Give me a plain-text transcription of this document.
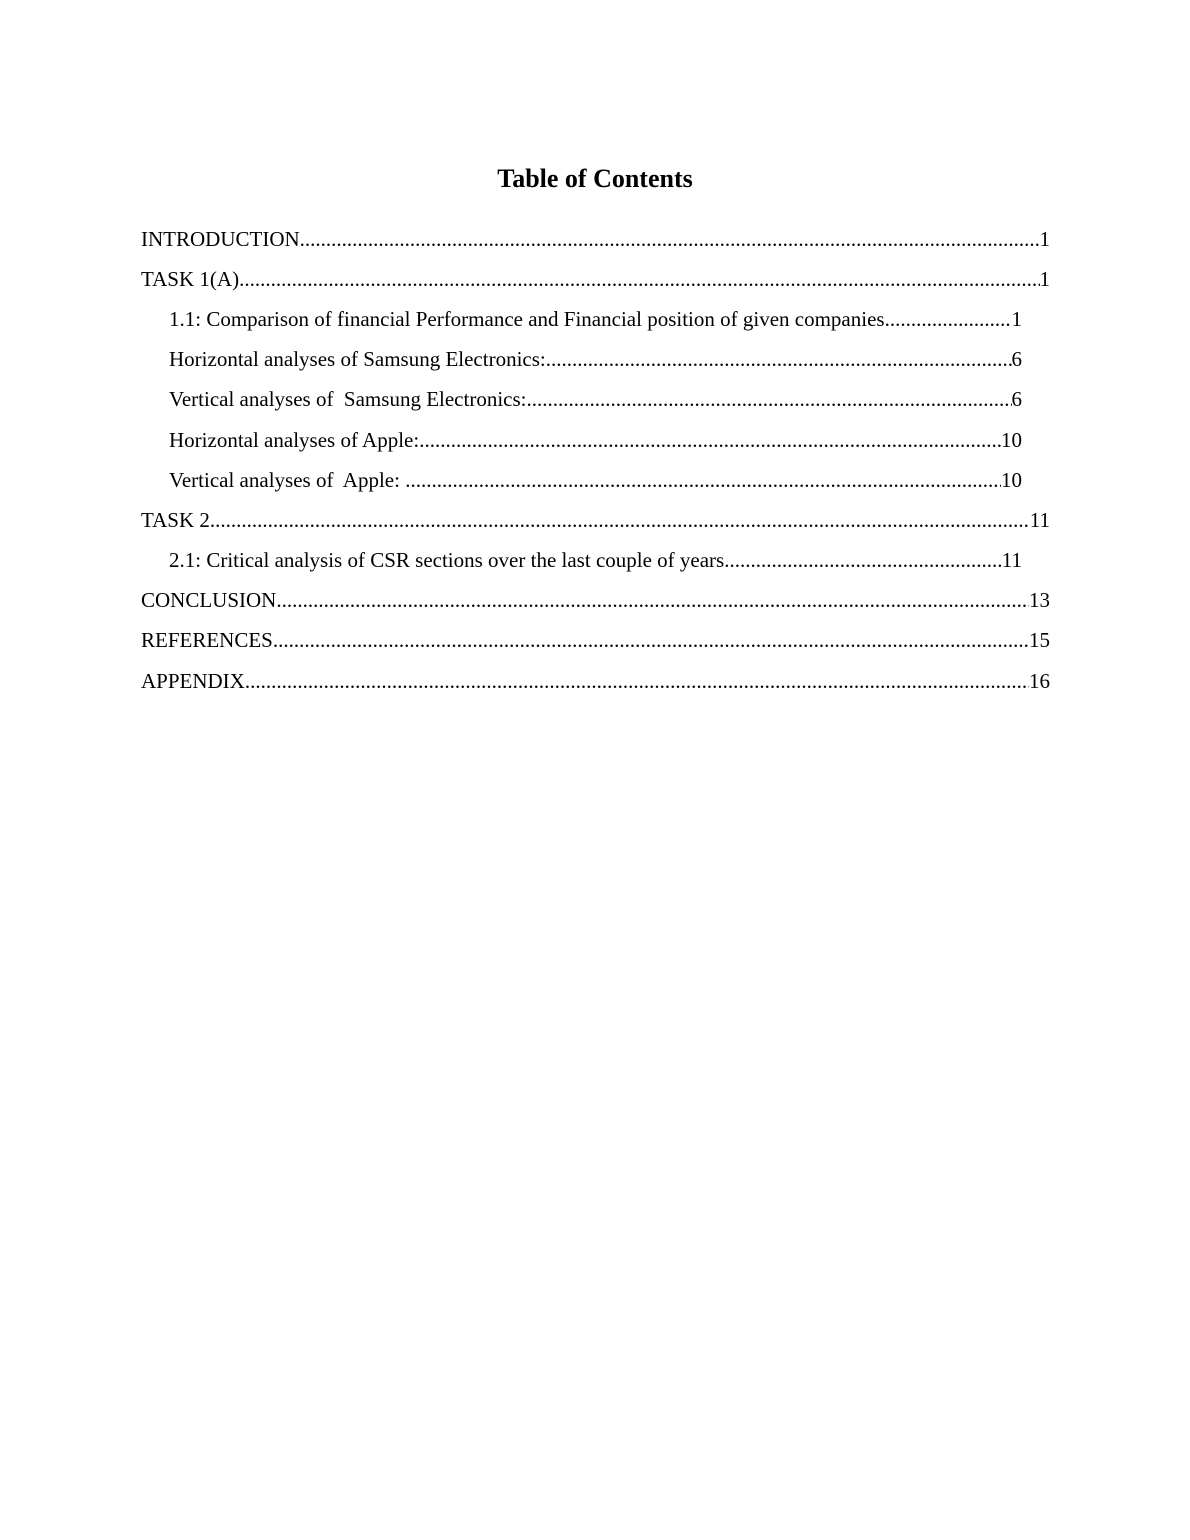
Table of Contents
INTRODUCTION .....	1
TASK 1(A) .....	1
1.1: Comparison of financial Performance and Financial position of given companies .....	1
Horizontal analyses of Samsung Electronics: .....	6
Vertical analyses of  Samsung Electronics: .....	6
Horizontal analyses of Apple: .....	10
Vertical analyses of  Apple: .....	10
TASK 2 .....	11
2.1: Critical analysis of CSR sections over the last couple of years .....	11
CONCLUSION .....	13
REFERENCES .....	15
APPENDIX .....	16
